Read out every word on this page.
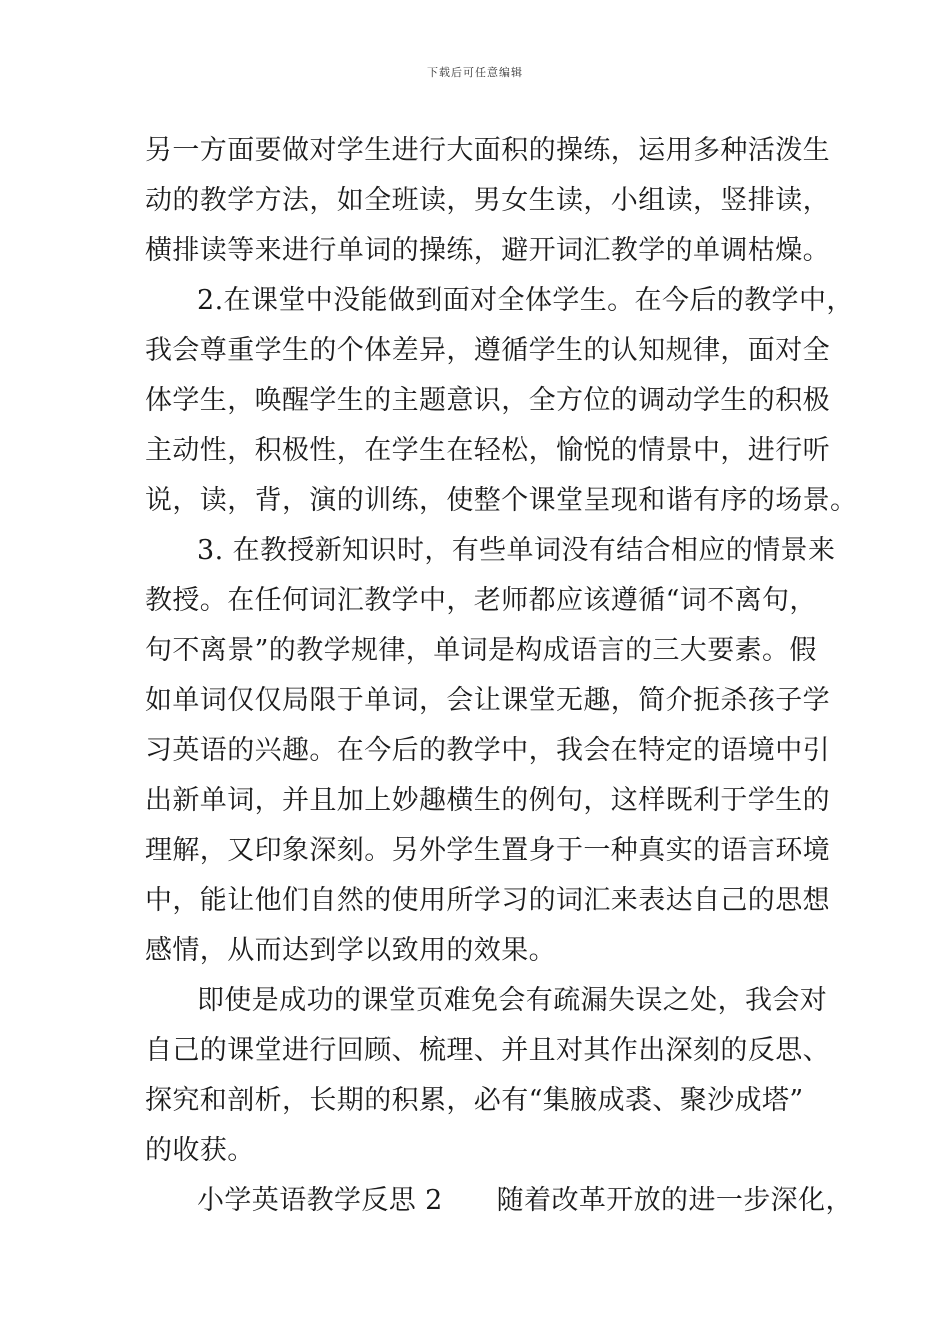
下载后可任意编辑
另一方面要做对学生进行大面积的操练，运用多种活泼生
动的教学方法，如全班读，男女生读，小组读，竖排读，
横排读等来进行单词的操练，避开词汇教学的单调枯燥。
2.在课堂中没能做到面对全体学生。在今后的教学中，
我会尊重学生的个体差异，遵循学生的认知规律，面对全
体学生，唤醒学生的主题意识，全方位的调动学生的积极
主动性，积极性，在学生在轻松，愉悦的情景中，进行听
说，读，背，演的训练，使整个课堂呈现和谐有序的场景。
3. 在教授新知识时，有些单词没有结合相应的情景来
教授。在任何词汇教学中，老师都应该遵循“词不离句，
句不离景”的教学规律，单词是构成语言的三大要素。假
如单词仅仅局限于单词，会让课堂无趣，简介扼杀孩子学
习英语的兴趣。在今后的教学中，我会在特定的语境中引
出新单词，并且加上妙趣横生的例句，这样既利于学生的
理解，又印象深刻。另外学生置身于一种真实的语言环境
中，能让他们自然的使用所学习的词汇来表达自己的思想
感情，从而达到学以致用的效果。
即使是成功的课堂页难免会有疏漏失误之处，我会对
自己的课堂进行回顾、梳理、并且对其作出深刻的反思、
探究和剖析，长期的积累，必有“集腋成裘、聚沙成塔”
的收获。
小学英语教学反思 2      随着改革开放的进一步深化，
